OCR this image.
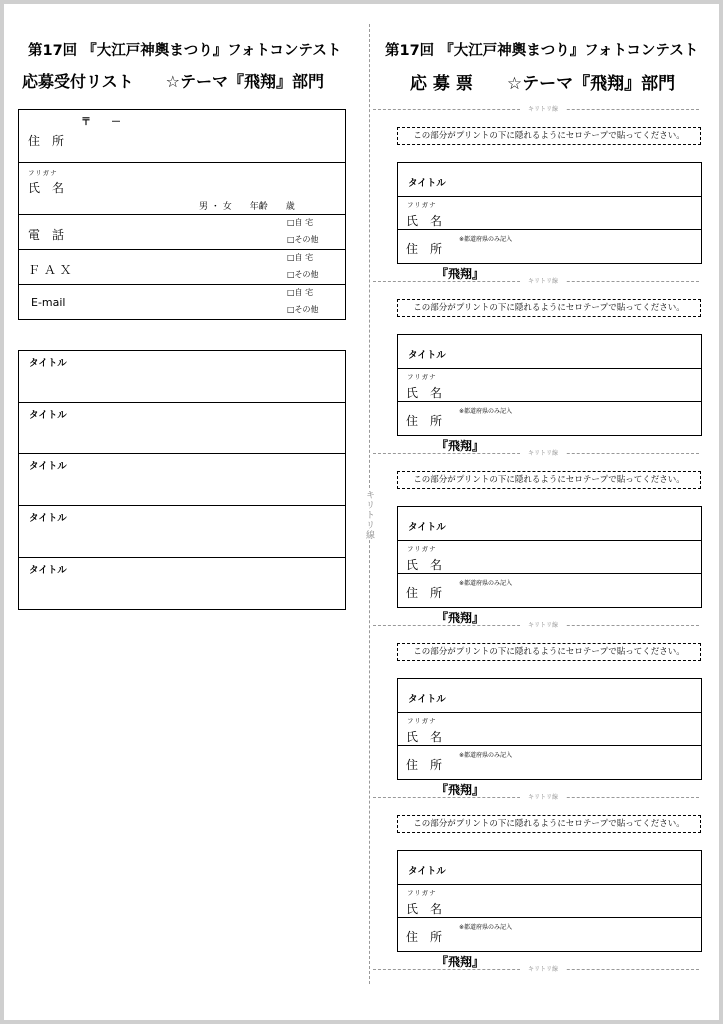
第17回 『大江戸神輿まつり』フォトコンテスト
応募受付リスト　　☆テーマ『飛翔』部門
第17回 『大江戸神輿まつり』フォトコンテスト
応 募 票　　☆テーマ『飛翔』部門
キリトリ線
〒　　－
住　所
フリガナ
氏　名
男 ・ 女　　年齢　　歳
電　話
□自 宅
□その他
Ｆ Ａ Ｘ
□自 宅
□その他
E-mail
□自 宅
□その他
タイトル
タイトル
タイトル
タイトル
タイトル
キリトリ線
この部分がプリントの下に隠れるようにセロテープで貼ってください。
タイトル
フリガナ
氏　名
住　所
※都道府県のみ記入
『飛翔』
キリトリ線
この部分がプリントの下に隠れるようにセロテープで貼ってください。
タイトル
フリガナ
氏　名
住　所
※都道府県のみ記入
『飛翔』
キリトリ線
この部分がプリントの下に隠れるようにセロテープで貼ってください。
タイトル
フリガナ
氏　名
住　所
※都道府県のみ記入
『飛翔』
キリトリ線
この部分がプリントの下に隠れるようにセロテープで貼ってください。
タイトル
フリガナ
氏　名
住　所
※都道府県のみ記入
『飛翔』
キリトリ線
この部分がプリントの下に隠れるようにセロテープで貼ってください。
タイトル
フリガナ
氏　名
住　所
※都道府県のみ記入
『飛翔』
キリトリ線
